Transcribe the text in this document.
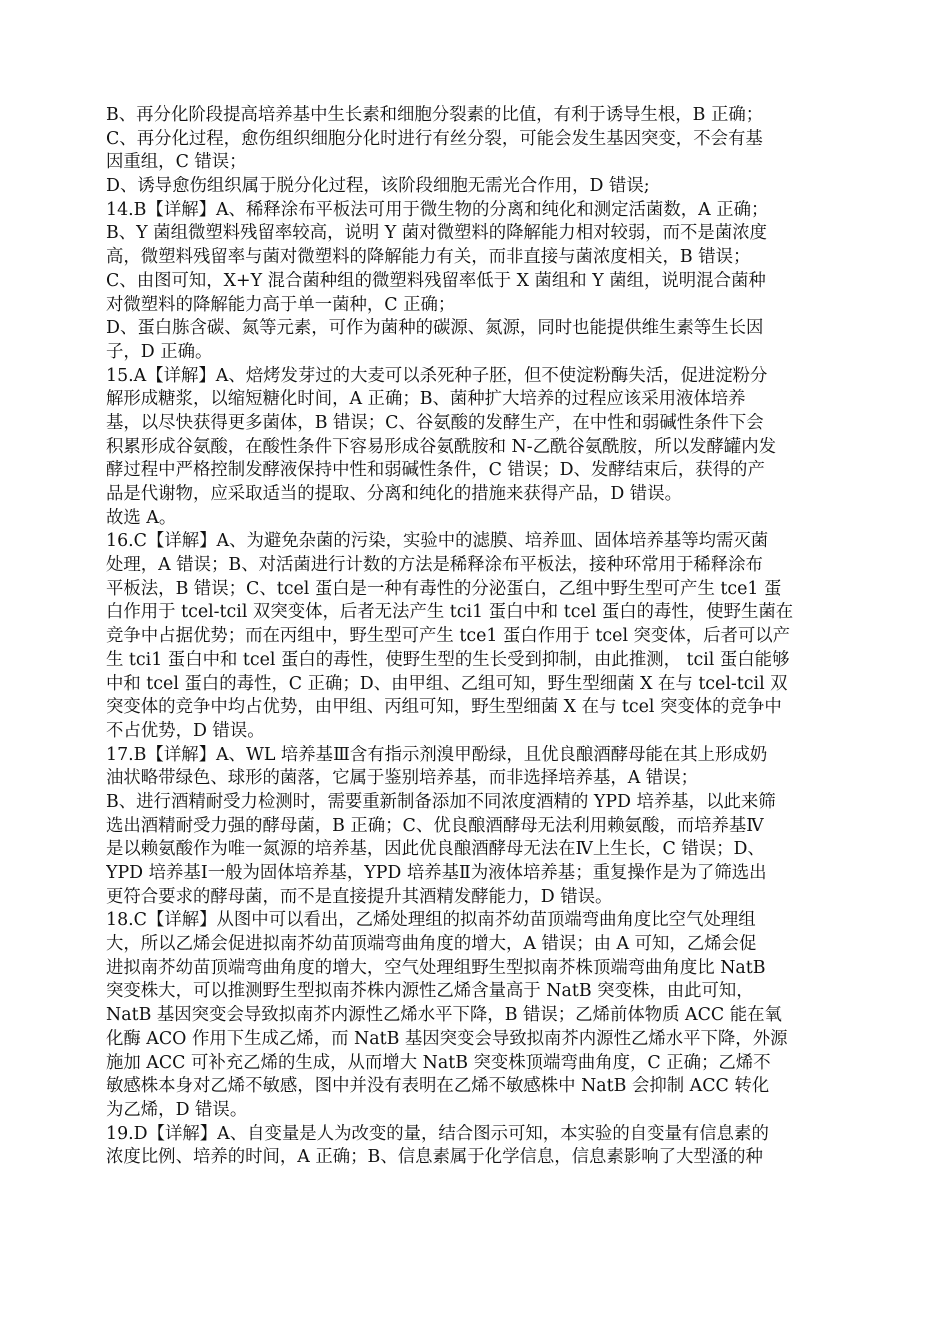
B、再分化阶段提高培养基中生长素和细胞分裂素的比值，有利于诱导生根，B 正确；
C、再分化过程，愈伤组织细胞分化时进行有丝分裂，可能会发生基因突变，不会有基
因重组，C 错误；
D、诱导愈伤组织属于脱分化过程，该阶段细胞无需光合作用，D 错误;
14.B【详解】A、稀释涂布平板法可用于微生物的分离和纯化和测定活菌数，A 正确；
B、Y 菌组微塑料残留率较高，说明 Y 菌对微塑料的降解能力相对较弱，而不是菌浓度
高，微塑料残留率与菌对微塑料的降解能力有关，而非直接与菌浓度相关，B 错误；
C、由图可知，X+Y 混合菌种组的微塑料残留率低于 X 菌组和 Y 菌组，说明混合菌种
对微塑料的降解能力高于单一菌种，C 正确；
D、蛋白胨含碳、氮等元素，可作为菌种的碳源、氮源，同时也能提供维生素等生长因
子，D 正确。
15.A【详解】A、焙烤发芽过的大麦可以杀死种子胚，但不使淀粉酶失活，促进淀粉分
解形成糖浆，以缩短糖化时间，A 正确；B、菌种扩大培养的过程应该采用液体培养
基，以尽快获得更多菌体，B 错误；C、谷氨酸的发酵生产，在中性和弱碱性条件下会
积累形成谷氨酸，在酸性条件下容易形成谷氨酰胺和 N-乙酰谷氨酰胺，所以发酵罐内发
酵过程中严格控制发酵液保持中性和弱碱性条件，C 错误；D、发酵结束后，获得的产
品是代谢物，应采取适当的提取、分离和纯化的措施来获得产品，D 错误。
故选 A。
16.C【详解】A、为避免杂菌的污染，实验中的滤膜、培养皿、固体培养基等均需灭菌
处理，A 错误；B、对活菌进行计数的方法是稀释涂布平板法，接种环常用于稀释涂布
平板法，B 错误；C、tcel 蛋白是一种有毒性的分泌蛋白，乙组中野生型可产生 tce1 蛋
白作用于 tcel-tcil 双突变体，后者无法产生 tci1 蛋白中和 tcel 蛋白的毒性，使野生菌在
竞争中占据优势；而在丙组中，野生型可产生 tce1 蛋白作用于 tcel 突变体，后者可以产
生 tci1 蛋白中和 tcel 蛋白的毒性，使野生型的生长受到抑制，由此推测， tcil 蛋白能够
中和 tcel 蛋白的毒性，C 正确；D、由甲组、乙组可知，野生型细菌 X 在与 tcel-tcil 双
突变体的竞争中均占优势，由甲组、丙组可知，野生型细菌 X 在与 tcel 突变体的竞争中
不占优势，D 错误。
17.B【详解】A、WL 培养基Ⅲ含有指示剂溴甲酚绿，且优良酿酒酵母能在其上形成奶
油状略带绿色、球形的菌落，它属于鉴别培养基，而非选择培养基，A 错误；
B、进行酒精耐受力检测时，需要重新制备添加不同浓度酒精的 YPD 培养基，以此来筛
选出酒精耐受力强的酵母菌，B 正确；C、优良酿酒酵母无法利用赖氨酸，而培养基Ⅳ
是以赖氨酸作为唯一氮源的培养基，因此优良酿酒酵母无法在Ⅳ上生长，C 错误；D、
YPD 培养基Ⅰ一般为固体培养基，YPD 培养基Ⅱ为液体培养基；重复操作是为了筛选出
更符合要求的酵母菌，而不是直接提升其酒精发酵能力，D 错误。
18.C【详解】从图中可以看出，乙烯处理组的拟南芥幼苗顶端弯曲角度比空气处理组
大，所以乙烯会促进拟南芥幼苗顶端弯曲角度的增大，A 错误；由 A 可知，乙烯会促
进拟南芥幼苗顶端弯曲角度的增大，空气处理组野生型拟南芥株顶端弯曲角度比 NatB
突变株大，可以推测野生型拟南芥株内源性乙烯含量高于 NatB 突变株，由此可知，
NatB 基因突变会导致拟南芥内源性乙烯水平下降，B 错误；乙烯前体物质 ACC 能在氧
化酶 ACO 作用下生成乙烯，而 NatB 基因突变会导致拟南芥内源性乙烯水平下降，外源
施加 ACC 可补充乙烯的生成，从而增大 NatB 突变株顶端弯曲角度，C 正确；乙烯不
敏感株本身对乙烯不敏感，图中并没有表明在乙烯不敏感株中 NatB 会抑制 ACC 转化
为乙烯，D 错误。
19.D【详解】A、自变量是人为改变的量，结合图示可知，本实验的自变量有信息素的
浓度比例、培养的时间，A 正确；B、信息素属于化学信息，信息素影响了大型溞的种
